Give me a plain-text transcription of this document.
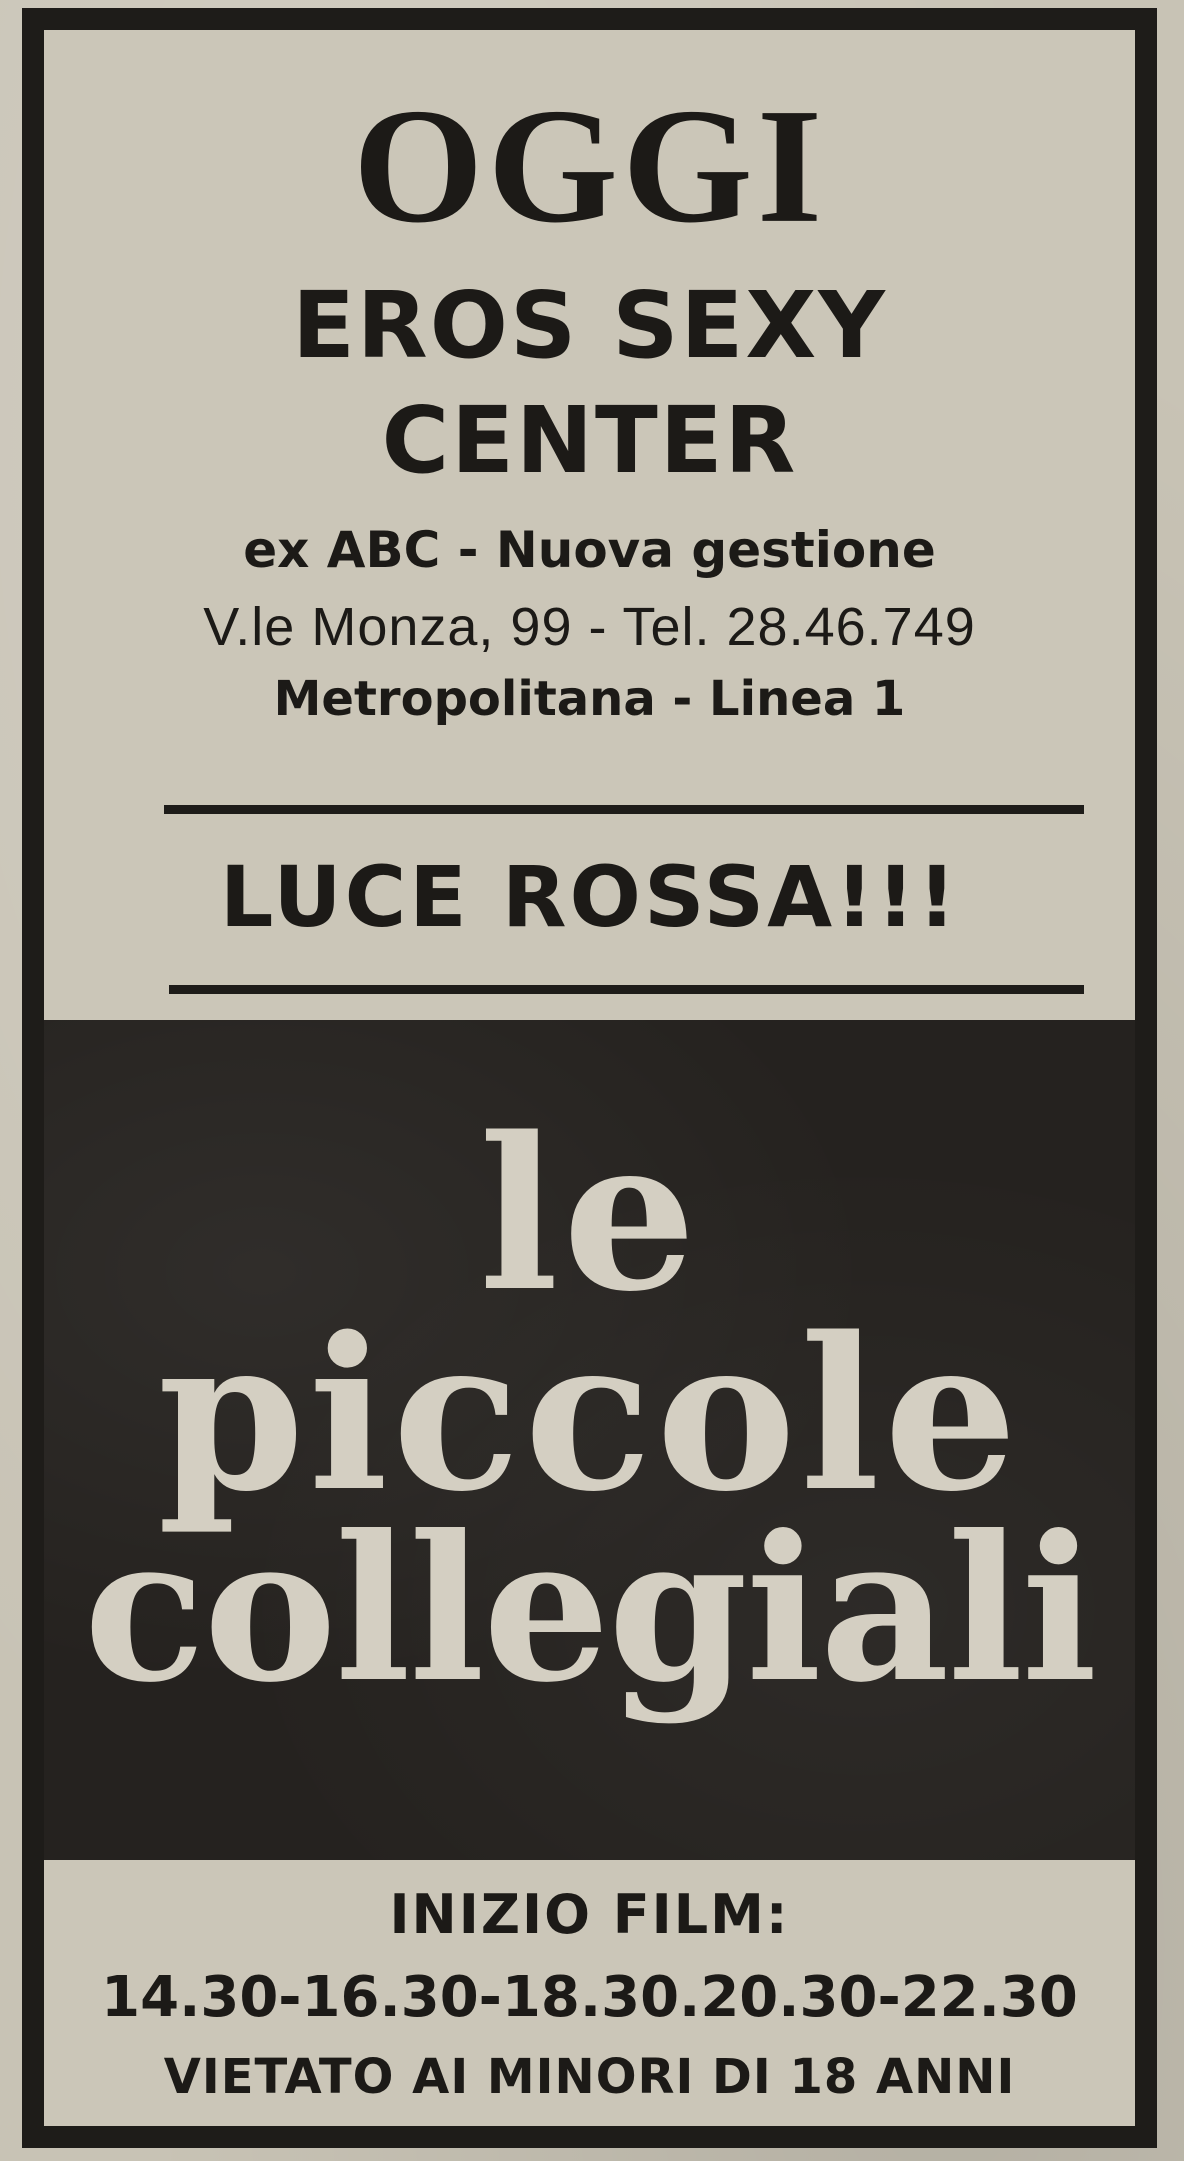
OGGI
EROS SEXY
CENTER
ex ABC - Nuova gestione
V.le Monza, 99 - Tel. 28.46.749
Metropolitana - Linea 1
LUCE ROSSA!!!
le
piccole
collegiali
INIZIO FILM:
14.30-16.30-18.30.20.30-22.30
VIETATO AI MINORI DI 18 ANNI
